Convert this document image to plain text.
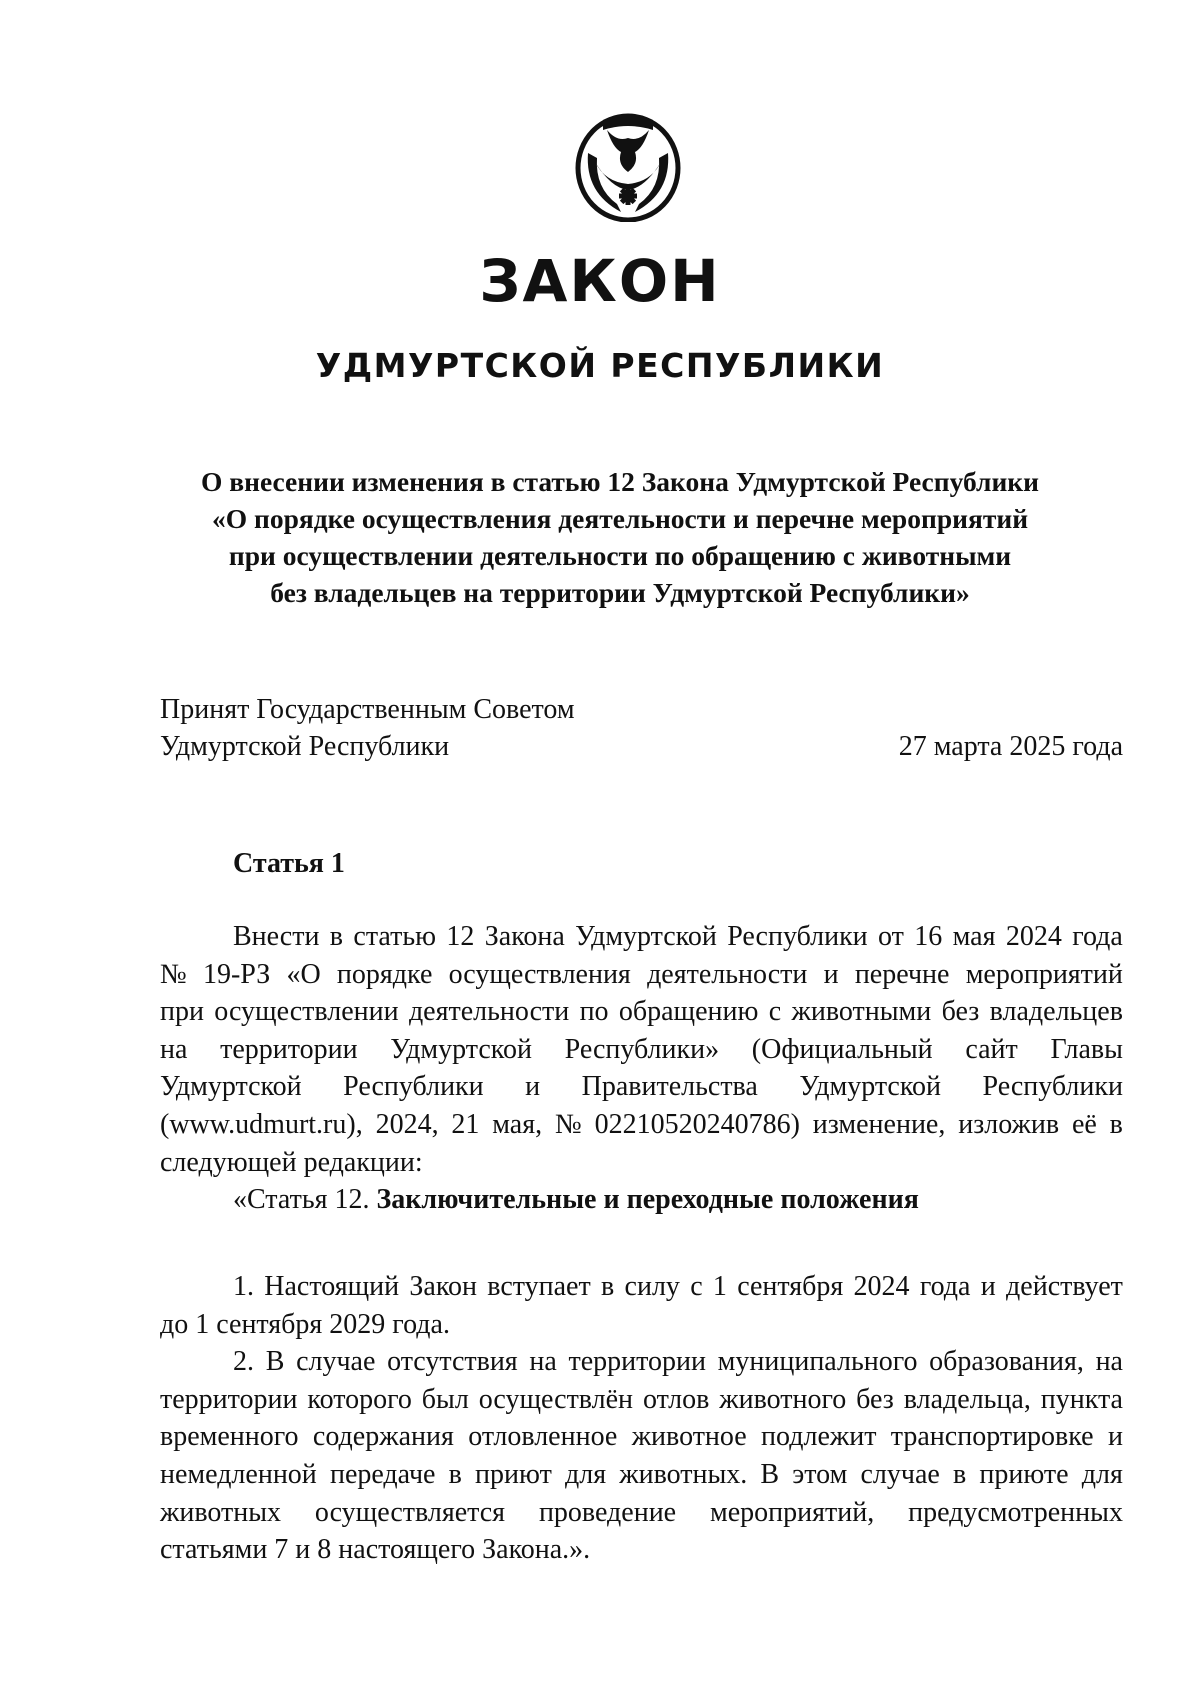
ЗАКОН
УДМУРТСКОЙ РЕСПУБЛИКИ
О внесении изменения в статью 12 Закона Удмуртской Республики
«О порядке осуществления деятельности и перечне мероприятий
при осуществлении деятельности по обращению с животными
без владельцев на территории Удмуртской Республики»
Принят Государственным Советом
Удмуртской Республики	27 марта 2025 года
Статья 1
Внести в статью 12 Закона Удмуртской Республики от 16 мая 2024 года
№ 19-РЗ «О порядке осуществления деятельности и перечне мероприятий
при осуществлении деятельности по обращению с животными без владельцев
на территории Удмуртской Республики» (Официальный сайт Главы
Удмуртской Республики и Правительства Удмуртской Республики
(www.udmurt.ru), 2024, 21 мая, № 02210520240786) изменение, изложив её в
следующей редакции:
«Статья 12.
Заключительные и переходные положения
1. Настоящий Закон вступает в силу с 1 сентября 2024 года и действует
до 1 сентября 2029 года.
2. В случае отсутствия на территории муниципального образования, на
территории которого был осуществлён отлов животного без владельца, пункта
временного содержания отловленное животное подлежит транспортировке и
немедленной передаче в приют для животных. В этом случае в приюте для
животных осуществляется проведение мероприятий, предусмотренных
статьями 7 и 8 настоящего Закона.».
